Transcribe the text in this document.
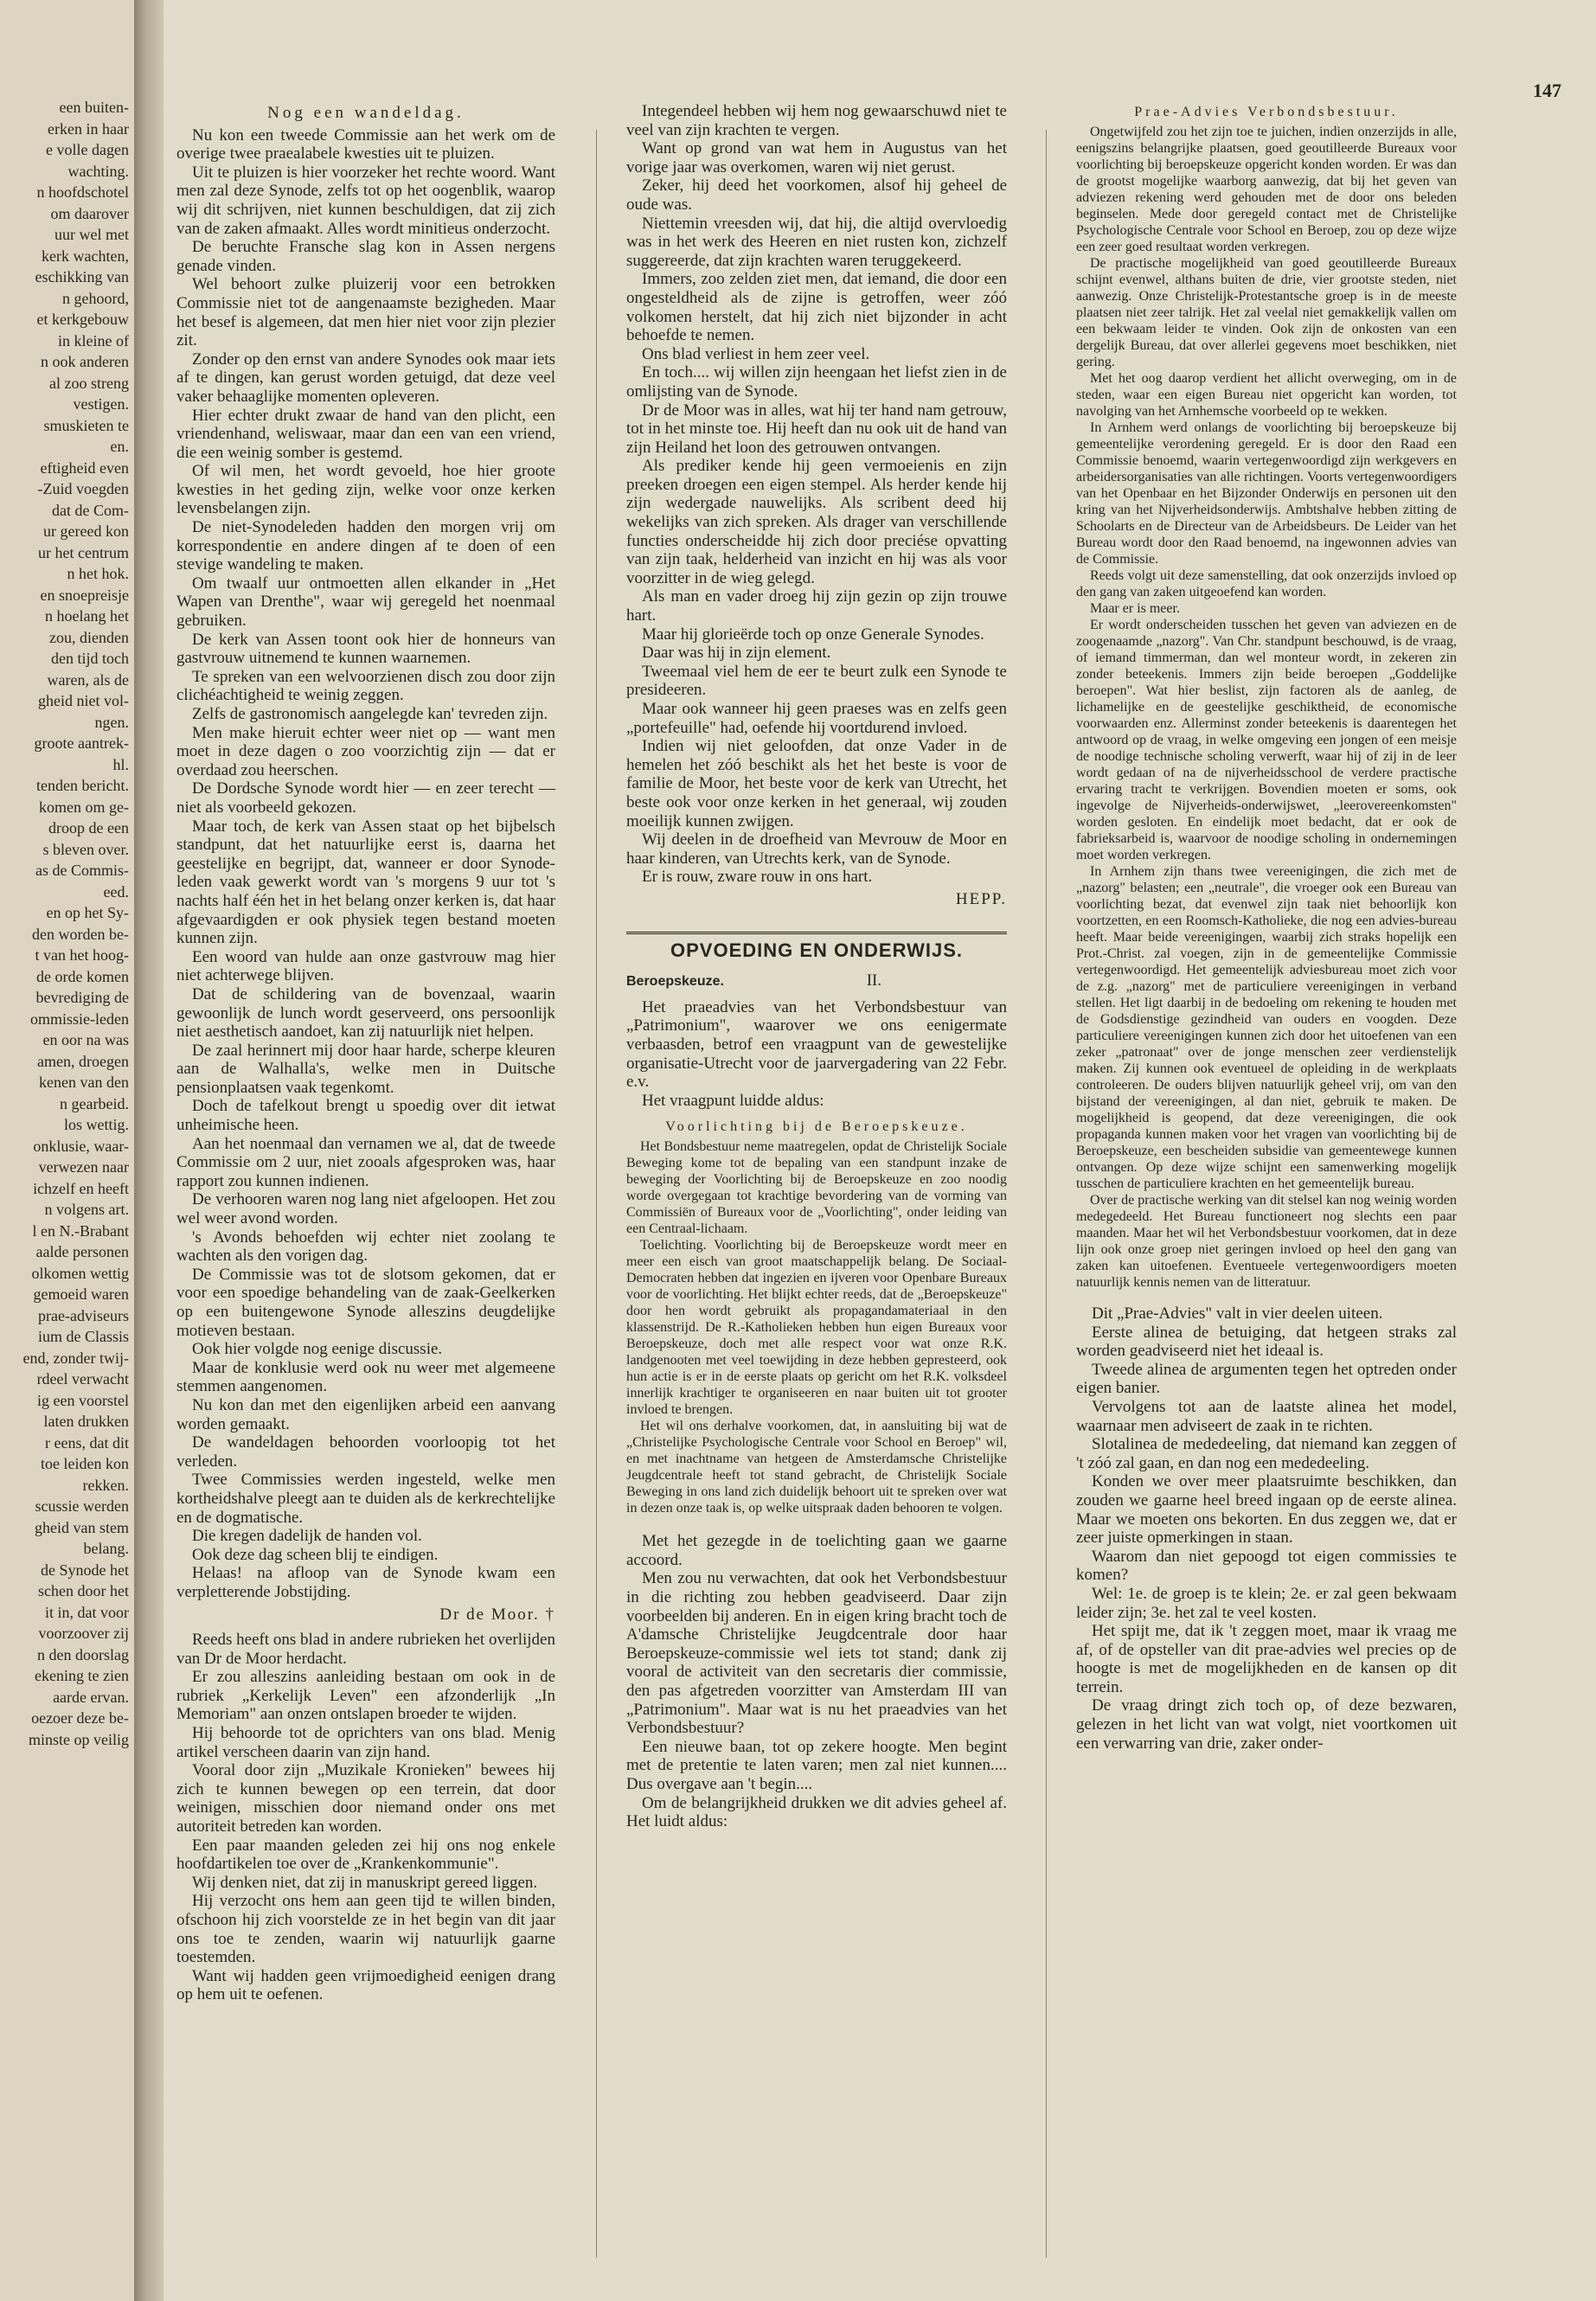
een buiten-
erken in haar
e volle dagen
wachting.
n hoofdschotel
om daarover
uur wel met
kerk wachten,
eschikking van
n gehoord,
et kerkgebouw
in kleine of
n ook anderen
al zoo streng
vestigen.
smuskieten te
en.
eftigheid even
-Zuid voegden
dat de Com-
ur gereed kon
ur het centrum
n het hok.
en snoepreisje
n hoelang het
zou, dienden
den tijd toch
waren, als de
gheid niet vol-
ngen.
groote aantrek-
hl.
tenden bericht.
komen om ge-
droop de een
s bleven over.
as de Commis-
eed.
en op het Sy-
den worden be-
t van het hoog-
de orde komen
bevrediging de
ommissie-leden
en oor na was
amen, droegen
kenen van den
n gearbeid.
los wettig.
onklusie, waar-
verwezen naar
ichzelf en heeft
n volgens art.
l en N.-Brabant
aalde personen
olkomen wettig
gemoeid waren
prae-adviseurs
ium de Classis
end, zonder twij-
rdeel verwacht
ig een voorstel
laten drukken
r eens, dat dit
toe leiden kon
rekken.
scussie werden
gheid van stem
belang.
de Synode het
schen door het
it in, dat voor
voorzoover zij
n den doorslag
ekening te zien
aarde ervan.
oezoer deze be-
minste op veilig
147
Nog een wandeldag.

Nu kon een tweede Commissie aan het werk om de overige twee praealabele kwesties uit te pluizen.

Uit te pluizen is hier voorzeker het rechte woord. Want men zal deze Synode, zelfs tot op het oogenblik, waarop wij dit schrijven, niet kunnen beschuldigen, dat zij zich van de zaken afmaakt. Alles wordt minitieus onderzocht.

De beruchte Fransche slag kon in Assen nergens genade vinden.

Wel behoort zulke pluizerij voor een betrokken Commissie niet tot de aangenaamste bezigheden. Maar het besef is algemeen, dat men hier niet voor zijn plezier zit.

Zonder op den ernst van andere Synodes ook maar iets af te dingen, kan gerust worden getuigd, dat deze veel vaker behaaglijke momenten opleveren.

Hier echter drukt zwaar de hand van den plicht, een vriendenhand, weliswaar, maar dan een van een vriend, die een weinig somber is gestemd.

Of wil men, het wordt gevoeld, hoe hier groote kwesties in het geding zijn, welke voor onze kerken levensbelangen zijn.

De niet-Synodeleden hadden den morgen vrij om korrespondentie en andere dingen af te doen of een stevige wandeling te maken.

Om twaalf uur ontmoetten allen elkander in „Het Wapen van Drenthe", waar wij geregeld het noenmaal gebruiken.

De kerk van Assen toont ook hier de honneurs van gastvrouw uitnemend te kunnen waarnemen.

Te spreken van een welvoorzienen disch zou door zijn clichéachtigheid te weinig zeggen.

Zelfs de gastronomisch aangelegde kan' tevreden zijn.

Men make hieruit echter weer niet op — want men moet in deze dagen o zoo voorzichtig zijn — dat er overdaad zou heerschen.

De Dordsche Synode wordt hier — en zeer terecht — niet als voorbeeld gekozen.

Maar toch, de kerk van Assen staat op het bijbelsch standpunt, dat het natuurlijke eerst is, daarna het geestelijke en begrijpt, dat, wanneer er door Synode-leden vaak gewerkt wordt van 's morgens 9 uur tot 's nachts half één het in het belang onzer kerken is, dat haar afgevaardigden er ook physiek tegen bestand moeten kunnen zijn.

Een woord van hulde aan onze gastvrouw mag hier niet achterwege blijven.

Dat de schildering van de bovenzaal, waarin gewoonlijk de lunch wordt geserveerd, ons persoonlijk niet aesthetisch aandoet, kan zij natuurlijk niet helpen.

De zaal herinnert mij door haar harde, scherpe kleuren aan de Walhalla's, welke men in Duitsche pensionplaatsen vaak tegenkomt.

Doch de tafelkout brengt u spoedig over dit ietwat unheimische heen.

Aan het noenmaal dan vernamen we al, dat de tweede Commissie om 2 uur, niet zooals afgesproken was, haar rapport zou kunnen indienen.

De verhooren waren nog lang niet afgeloopen. Het zou wel weer avond worden.

's Avonds behoefden wij echter niet zoolang te wachten als den vorigen dag.

De Commissie was tot de slotsom gekomen, dat er voor een spoedige behandeling van de zaak-Geelkerken op een buitengewone Synode alleszins deugdelijke motieven bestaan.

Ook hier volgde nog eenige discussie.

Maar de konklusie werd ook nu weer met algemeene stemmen aangenomen.

Nu kon dan met den eigenlijken arbeid een aanvang worden gemaakt.

De wandeldagen behoorden voorloopig tot het verleden.

Twee Commissies werden ingesteld, welke men kortheidshalve pleegt aan te duiden als de kerkrechtelijke en de dogmatische.

Die kregen dadelijk de handen vol.

Ook deze dag scheen blij te eindigen.

Helaas! na afloop van de Synode kwam een verpletterende Jobstijding.

Dr de Moor. †

Reeds heeft ons blad in andere rubrieken het overlijden van Dr de Moor herdacht.

Er zou alleszins aanleiding bestaan om ook in de rubriek „Kerkelijk Leven" een afzonderlijk „In Memoriam" aan onzen ontslapen broeder te wijden.

Hij behoorde tot de oprichters van ons blad. Menig artikel verscheen daarin van zijn hand.

Vooral door zijn „Muzikale Kronieken" bewees hij zich te kunnen bewegen op een terrein, dat door weinigen, misschien door niemand onder ons met autoriteit betreden kan worden.

Een paar maanden geleden zei hij ons nog enkele hoofdartikelen toe over de „Krankenkommunie".

Wij denken niet, dat zij in manuskript gereed liggen.

Hij verzocht ons hem aan geen tijd te willen binden, ofschoon hij zich voorstelde ze in het begin van dit jaar ons toe te zenden, waarin wij natuurlijk gaarne toestemden.

Want wij hadden geen vrijmoedigheid eenigen drang op hem uit te oefenen.

Integendeel hebben wij hem nog gewaarschuwd niet te veel van zijn krachten te vergen.

Want op grond van wat hem in Augustus van het vorige jaar was overkomen, waren wij niet gerust.

Zeker, hij deed het voorkomen, alsof hij geheel de oude was.

Niettemin vreesden wij, dat hij, die altijd overvloedig was in het werk des Heeren en niet rusten kon, zichzelf suggereerde, dat zijn krachten waren teruggekeerd.

Immers, zoo zelden ziet men, dat iemand, die door een ongesteldheid als de zijne is getroffen, weer zóó volkomen herstelt, dat hij zich niet bijzonder in acht behoefde te nemen.

Ons blad verliest in hem zeer veel.

En toch.... wij willen zijn heengaan het liefst zien in de omlijsting van de Synode.

Dr de Moor was in alles, wat hij ter hand nam getrouw, tot in het minste toe. Hij heeft dan nu ook uit de hand van zijn Heiland het loon des getrouwen ontvangen.

Als prediker kende hij geen vermoeienis en zijn preeken droegen een eigen stempel. Als herder kende hij zijn wedergade nauwelijks. Als scribent deed hij wekelijks van zich spreken. Als drager van verschillende functies onderscheidde hij zich door preciése opvatting van zijn taak, helderheid van inzicht en hij was als voor voorzitter in de wieg gelegd.

Als man en vader droeg hij zijn gezin op zijn trouwe hart.

Maar hij glorieërde toch op onze Generale Synodes.

Daar was hij in zijn element.

Tweemaal viel hem de eer te beurt zulk een Synode te presideeren.

Maar ook wanneer hij geen praeses was en zelfs geen „portefeuille" had, oefende hij voortdurend invloed.

Indien wij niet geloofden, dat onze Vader in de hemelen het zóó beschikt als het het beste is voor de familie de Moor, het beste voor de kerk van Utrecht, het beste ook voor onze kerken in het generaal, wij zouden moeilijk kunnen zwijgen.

Wij deelen in de droefheid van Mevrouw de Moor en haar kinderen, van Utrechts kerk, van de Synode.

Er is rouw, zware rouw in ons hart.

HEPP.
OPVOEDING EN ONDERWIJS.
Beroepskeuze.	II.

Het praeadvies van het Verbondsbestuur van „Patrimonium", waarover we ons eenigermate verbaasden, betrof een vraagpunt van de gewestelijke organisatie-Utrecht voor de jaarvergadering van 22 Febr. e.v.

Het vraagpunt luidde aldus:

Voorlichting bij de Beroepskeuze.

Het Bondsbestuur neme maatregelen, opdat de Christelijk Sociale Beweging kome tot de bepaling van een standpunt inzake de beweging der Voorlichting bij de Beroepskeuze en zoo noodig worde overgegaan tot krachtige bevordering van de vorming van Commissiën of Bureaux voor de „Voorlichting", onder leiding van een Centraal-lichaam.

Toelichting. Voorlichting bij de Beroepskeuze wordt meer en meer een eisch van groot maatschappelijk belang. De Sociaal-Democraten hebben dat ingezien en ijveren voor Openbare Bureaux voor de voorlichting. Het blijkt echter reeds, dat de „Beroepskeuze" door hen wordt gebruikt als propagandamateriaal in den klassenstrijd. De R.-Katholieken hebben hun eigen Bureaux voor Beroepskeuze, doch met alle respect voor wat onze R.K. landgenooten met veel toewijding in deze hebben gepresteerd, ook hun actie is er in de eerste plaats op gericht om het R.K. volksdeel innerlijk krachtiger te organiseeren en naar buiten uit tot grooter invloed te brengen.

Het wil ons derhalve voorkomen, dat, in aansluiting bij wat de „Christelijke Psychologische Centrale voor School en Beroep" wil, en met inachtname van hetgeen de Amsterdamsche Christelijke Jeugdcentrale heeft tot stand gebracht, de Christelijk Sociale Beweging in ons land zich duidelijk behoort uit te spreken over wat in dezen onze taak is, op welke uitspraak daden behooren te volgen.

Met het gezegde in de toelichting gaan we gaarne accoord.

Men zou nu verwachten, dat ook het Verbondsbestuur in die richting zou hebben geadviseerd. Daar zijn voorbeelden bij anderen. En in eigen kring bracht toch de A'damsche Christelijke Jeugdcentrale door haar Beroepskeuze-commissie wel iets tot stand; dank zij vooral de activiteit van den secretaris dier commissie, den pas afgetreden voorzitter van Amsterdam III van „Patrimonium". Maar wat is nu het praeadvies van het Verbondsbestuur?

Een nieuwe baan, tot op zekere hoogte. Men begint met de pretentie te laten varen; men zal niet kunnen.... Dus overgave aan 't begin....

Om de belangrijkheid drukken we dit advies geheel af. Het luidt aldus:

Prae-Advies Verbondsbestuur.

Ongetwijfeld zou het zijn toe te juichen, indien onzerzijds in alle, eenigszins belangrijke plaatsen, goed geoutilleerde Bureaux voor voorlichting bij beroepskeuze opgericht konden worden. Er was dan de grootst mogelijke waarborg aanwezig, dat bij het geven van adviezen rekening werd gehouden met de door ons beleden beginselen. Mede door geregeld contact met de Christelijke Psychologische Centrale voor School en Beroep, zou op deze wijze een zeer goed resultaat worden verkregen.

De practische mogelijkheid van goed geoutilleerde Bureaux schijnt evenwel, althans buiten de drie, vier grootste steden, niet aanwezig. Onze Christelijk-Protestantsche groep is in de meeste plaatsen niet zeer talrijk. Het zal veelal niet gemakkelijk vallen om een bekwaam leider te vinden. Ook zijn de onkosten van een dergelijk Bureau, dat over allerlei gegevens moet beschikken, niet gering.

Met het oog daarop verdient het allicht overweging, om in de steden, waar een eigen Bureau niet opgericht kan worden, tot navolging van het Arnhemsche voorbeeld op te wekken.

In Arnhem werd onlangs de voorlichting bij beroepskeuze bij gemeentelijke verordening geregeld. Er is door den Raad een Commissie benoemd, waarin vertegenwoordigd zijn werkgevers en arbeidersorganisaties van alle richtingen. Voorts vertegenwoordigers van het Openbaar en het Bijzonder Onderwijs en personen uit den kring van het Nijverheidsonderwijs. Ambtshalve hebben zitting de Schoolarts en de Directeur van de Arbeidsbeurs. De Leider van het Bureau wordt door den Raad benoemd, na ingewonnen advies van de Commissie.

Reeds volgt uit deze samenstelling, dat ook onzerzijds invloed op den gang van zaken uitgeoefend kan worden.

Maar er is meer.

Er wordt onderscheiden tusschen het geven van adviezen en de zoogenaamde „nazorg". Van Chr. standpunt beschouwd, is de vraag, of iemand timmerman, dan wel monteur wordt, in zekeren zin zonder beteekenis. Immers zijn beide beroepen „Goddelijke beroepen". Wat hier beslist, zijn factoren als de aanleg, de lichamelijke en de geestelijke geschiktheid, de economische voorwaarden enz. Allerminst zonder beteekenis is daarentegen het antwoord op de vraag, in welke omgeving een jongen of een meisje de noodige technische scholing verwerft, waar hij of zij in de leer wordt gedaan of na de nijverheidsschool de verdere practische ervaring tracht te verkrijgen. Bovendien moeten er soms, ook ingevolge de Nijverheids-onderwijswet, „leerovereenkomsten" worden gesloten. En eindelijk moet bedacht, dat er ook de fabrieksarbeid is, waarvoor de noodige scholing in ondernemingen moet worden verkregen.

In Arnhem zijn thans twee vereenigingen, die zich met de „nazorg" belasten; een „neutrale", die vroeger ook een Bureau van voorlichting bezat, dat evenwel zijn taak niet behoorlijk kon voortzetten, en een Roomsch-Katholieke, die nog een advies-bureau heeft. Maar beide vereenigingen, waarbij zich straks hopelijk een Prot.-Christ. zal voegen, zijn in de gemeentelijke Commissie vertegenwoordigd. Het gemeentelijk adviesbureau moet zich voor de z.g. „nazorg" met de particuliere vereenigingen in verband stellen. Het ligt daarbij in de bedoeling om rekening te houden met de Godsdienstige gezindheid van ouders en voogden. Deze particuliere vereenigingen kunnen zich door het uitoefenen van een zeker „patronaat" over de jonge menschen zeer verdienstelijk maken. Zij kunnen ook eventueel de opleiding in de werkplaats controleeren. De ouders blijven natuurlijk geheel vrij, om van den bijstand der vereenigingen, al dan niet, gebruik te maken. De mogelijkheid is geopend, dat deze vereenigingen, die ook propaganda kunnen maken voor het vragen van voorlichting bij de Beroepskeuze, een bescheiden subsidie van gemeentewege kunnen ontvangen. Op deze wijze schijnt een samenwerking mogelijk tusschen de particuliere krachten en het gemeentelijk bureau.

Over de practische werking van dit stelsel kan nog weinig worden medegedeeld. Het Bureau functioneert nog slechts een paar maanden. Maar het wil het Verbondsbestuur voorkomen, dat in deze lijn ook onze groep niet geringen invloed op heel den gang van zaken kan uitoefenen. Eventueele vertegenwoordigers moeten natuurlijk kennis nemen van de litteratuur.

Dit „Prae-Advies" valt in vier deelen uiteen.

Eerste alinea de betuiging, dat hetgeen straks zal worden geadviseerd niet het ideaal is.

Tweede alinea de argumenten tegen het optreden onder eigen banier.

Vervolgens tot aan de laatste alinea het model, waarnaar men adviseert de zaak in te richten.

Slotalinea de mededeeling, dat niemand kan zeggen of 't zóó zal gaan, en dan nog een mededeeling.

Konden we over meer plaatsruimte beschikken, dan zouden we gaarne heel breed ingaan op de eerste alinea. Maar we moeten ons bekorten. En dus zeggen we, dat er zeer juiste opmerkingen in staan.

Waarom dan niet gepoogd tot eigen commissies te komen?

Wel: 1e. de groep is te klein; 2e. er zal geen bekwaam leider zijn; 3e. het zal te veel kosten.

Het spijt me, dat ik 't zeggen moet, maar ik vraag me af, of de opsteller van dit prae-advies wel precies op de hoogte is met de mogelijkheden en de kansen op dit terrein.

De vraag dringt zich toch op, of deze bezwaren, gelezen in het licht van wat volgt, niet voortkomen uit een verwarring van drie, zaker onder-
